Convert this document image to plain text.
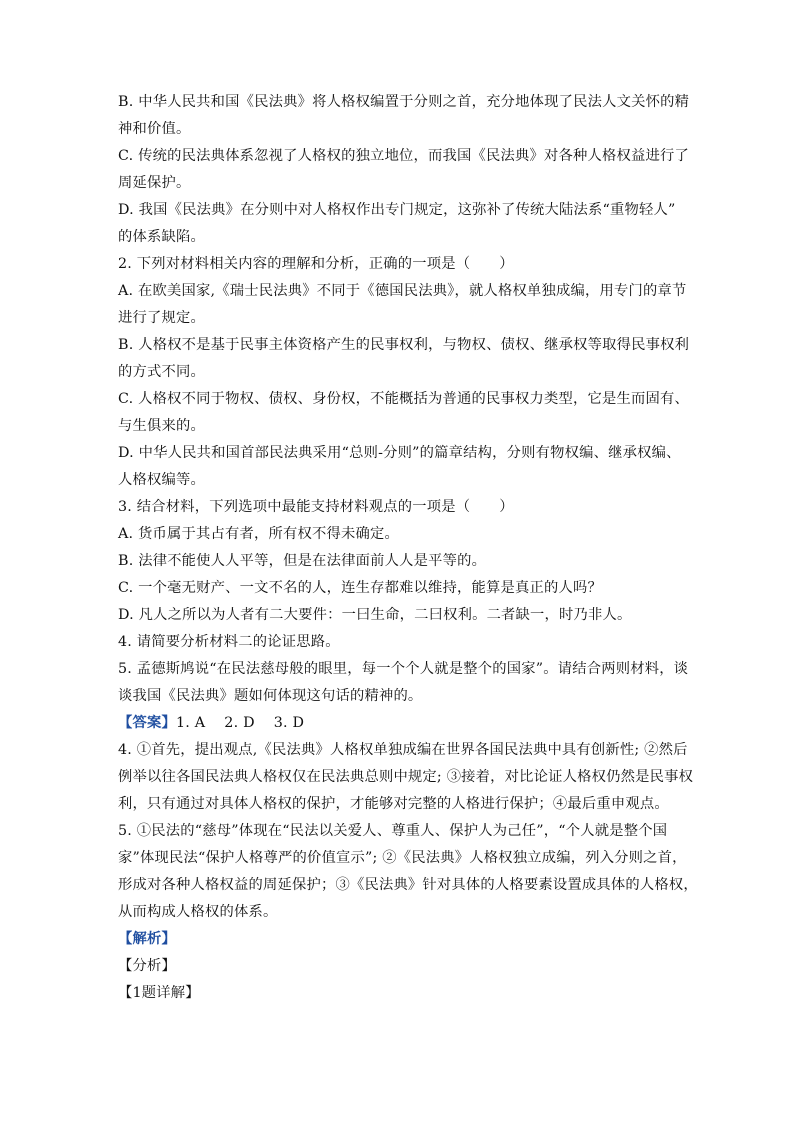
B. 中华人民共和国《民法典》将人格权编置于分则之首，充分地体现了民法人文关怀的精
神和价值。
C. 传统的民法典体系忽视了人格权的独立地位，而我国《民法典》对各种人格权益进行了
周延保护。
D. 我国《民法典》在分则中对人格权作出专门规定，这弥补了传统大陆法系“重物轻人”
的体系缺陷。
2. 下列对材料相关内容的理解和分析，正确的一项是（　　）
A. 在欧美国家,《瑞士民法典》不同于《德国民法典》，就人格权单独成编，用专门的章节
进行了规定。
B. 人格权不是基于民事主体资格产生的民事权利，与物权、债权、继承权等取得民事权利
的方式不同。
C. 人格权不同于物权、债权、身份权，不能概括为普通的民事权力类型，它是生而固有、
与生俱来的。
D. 中华人民共和国首部民法典采用“总则-分则”的篇章结构，分则有物权编、继承权编、
人格权编等。
3. 结合材料，下列选项中最能支持材料观点的一项是（　　）
A. 货币属于其占有者，所有权不得未确定。
B. 法律不能使人人平等，但是在法律面前人人是平等的。
C. 一个毫无财产、一文不名的人，连生存都难以维持，能算是真正的人吗？
D. 凡人之所以为人者有二大要件：一曰生命，二曰权利。二者缺一，时乃非人。
4. 请简要分析材料二的论证思路。
5. 孟德斯鸠说“在民法慈母般的眼里，每一个个人就是整个的国家”。请结合两则材料，谈
谈我国《民法典》题如何体现这句话的精神的。
【答案】1. A    2. D    3. D
4. ①首先，提出观点,《民法典》人格权单独成编在世界各国民法典中具有创新性; ②然后
例举以往各国民法典人格权仅在民法典总则中规定; ③接着，对比论证人格权仍然是民事权
利，只有通过对具体人格权的保护，才能够对完整的人格进行保护；④最后重申观点。
5. ①民法的“慈母”体现在“民法以关爱人、尊重人、保护人为己任”，“个人就是整个国
家”体现民法“保护人格尊严的价值宣示”; ②《民法典》人格权独立成编，列入分则之首，
形成对各种人格权益的周延保护；③《民法典》针对具体的人格要素设置成具体的人格权，
从而构成人格权的体系。
【解析】
【分析】
【1题详解】
